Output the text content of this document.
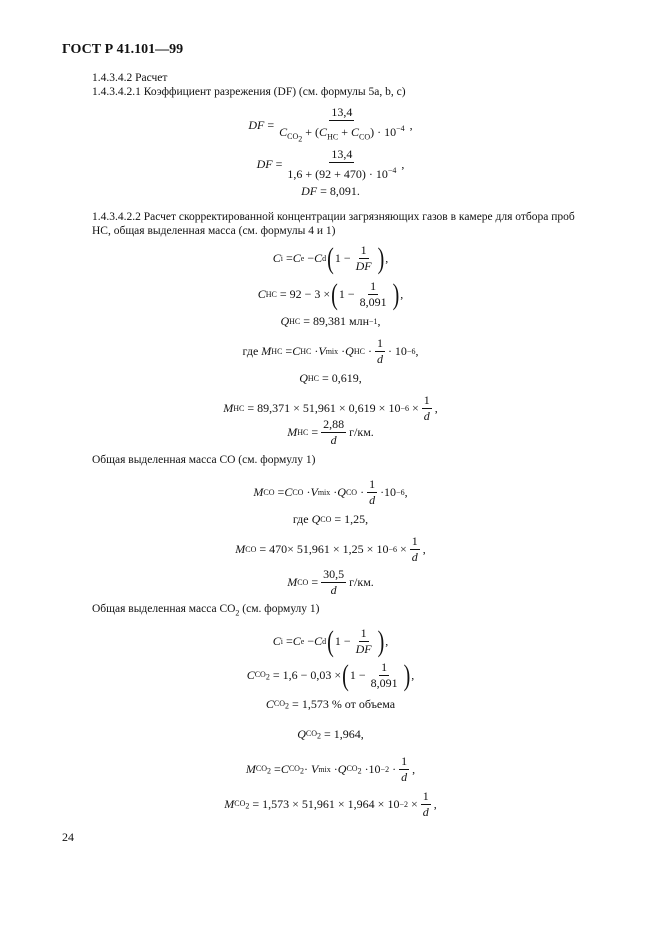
ГОСТ Р 41.101—99
1.4.3.4.2 Расчет
1.4.3.4.2.1 Коэффициент разрежения (DF) (см. формулы 5a, b, c)
DF = $\frac{13,4}{C_{CO_2} + (C_{HC} + C_{CO}) \cdot 10^{-4}}$ ,
DF = $\frac{13,4}{1,6 + (92 + 470) \cdot 10^{-4}}$ ,
DF
= 8,091.
1.4.3.4.2.2 Расчет скорректированной концентрации загрязняющих газов в камере для отбора проб
HC, общая выделенная масса (см. формулы 4 и 1)
C i = C e − C d ( $1 - \frac{1}{DF}$ ) ,
C HC
= 92 − 3 × ( $1 - \frac{1}{8,091}$ ) ,
Q HC
= 89,381 млн −1 ,
где
M HC = C HC · V mix · Q HC · $\frac{1}{d} \cdot 10 -6$ ,
Q HC
= 0,619,
M HC
= $89,371 \times 51,961 \times 0,619 \times 10 -6 \times \frac{1}{d}$ ,
M HC = $\frac{2,88}{d} г/км$.
Общая выделенная масса CO (см. формулу 1)
M CO = C CO · V mix · Q CO · $\frac{1}{d} \cdot 10 -6$ ,
где
Q CO
= 1,25,
M CO
= $470\times 51,961 \times 1,25 \times 10 -6 \times \frac{1}{d}$ ,
M CO = $\frac{30,5}{d} г/км$.
Общая выделенная масса $CO_2$ (см. формулу 1)
C i = C e − C d ( $1 - \frac{1}{DF}$ ) ,
C $CO_2$
= 1,6 − 0,03 × ( $1 - \frac{1}{8,091}$ ) ,
C $CO_2$
= 1,573 % от объема
Q $CO_2$
= 1,964,
M $CO_2 = C$ $CO_2 \cdot V$ mix · Q $CO_2 \cdot 10 -2 \cdot \frac{1}{d}$ ,
M $CO_2$
= $1,573 \times 51,961 \times 1,964 \times 10 -2 \times \frac{1}{d}$ ,
24
